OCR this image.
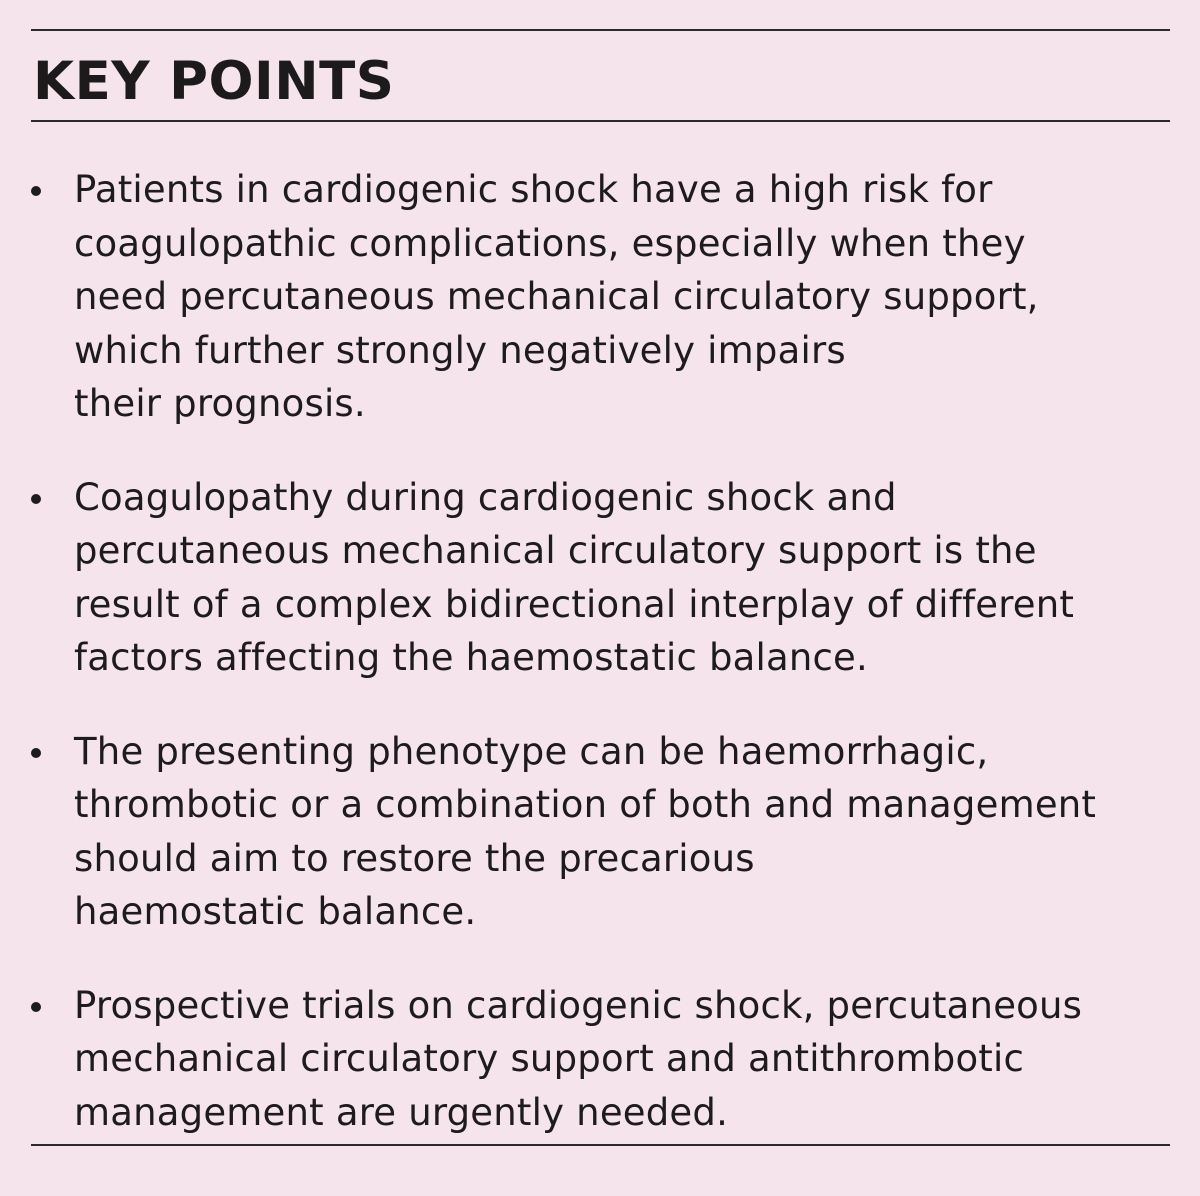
KEY POINTS
Patients in cardiogenic shock have a high risk for
coagulopathic complications, especially when they
need percutaneous mechanical circulatory support,
which further strongly negatively impairs
their prognosis.
Coagulopathy during cardiogenic shock and
percutaneous mechanical circulatory support is the
result of a complex bidirectional interplay of different
factors affecting the haemostatic balance.
The presenting phenotype can be haemorrhagic,
thrombotic or a combination of both and management
should aim to restore the precarious
haemostatic balance.
Prospective trials on cardiogenic shock, percutaneous
mechanical circulatory support and antithrombotic
management are urgently needed.
